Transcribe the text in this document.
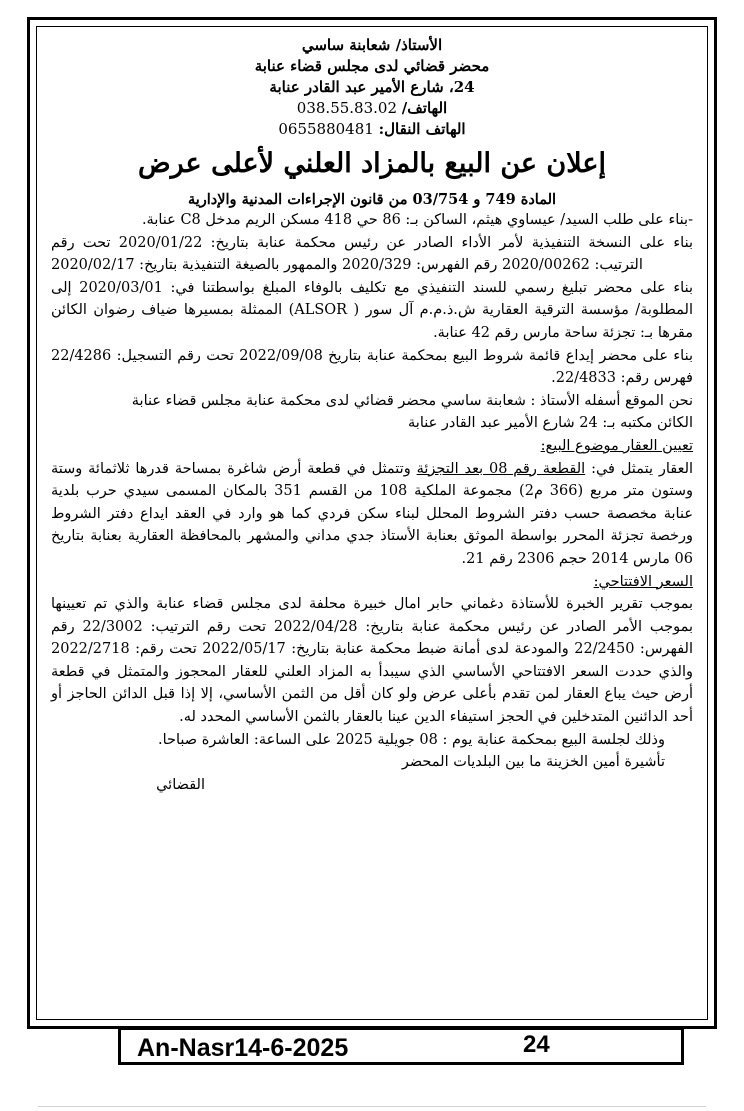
الأستاذ/ شعابنة ساسي
محضر قضائي لدى مجلس قضاء عنابة
24، شارع الأمير عبد القادر عنابة
الهاتف/ 038.55.83.02
الهاتف النقال: 0655880481
إعلان عن البيع بالمزاد العلني لأعلى عرض
المادة 749 و 03/754 من قانون الإجراءات المدنية والإدارية

-بناء على طلب السيد/ عيساوي هيثم، الساكن بـ: 86 حي 418 مسكن الريم مدخل C8 عنابة.

بناء على النسخة التنفيذية لأمر الأداء الصادر عن رئيس محكمة عنابة بتاريخ: 2020/01/22 تحت رقم الترتيب: 2020/00262 رقم الفهرس: 2020/329 والممهور بالصيغة التنفيذية بتاريخ: 2020/02/17

بناء على محضر تبليغ رسمي للسند التنفيذي مع تكليف بالوفاء المبلغ بواسطتنا في: 2020/03/01 إلى المطلوبة/ مؤسسة الترقية العقارية ش.ذ.م.م آل سور ( ALSOR) الممثلة بمسيرها ضياف رضوان الكائن مقرها بـ: تجزئة ساحة مارس رقم 42 عنابة.

بناء على محضر إيداع قائمة شروط البيع بمحكمة عنابة بتاريخ 2022/09/08 تحت رقم التسجيل: 22/4286 فهرس رقم: 22/4833.

نحن الموقع أسفله الأستاذ : شعابنة ساسي محضر قضائي لدى محكمة عنابة مجلس قضاء عنابة

الكائن مكتبه بـ: 24 شارع الأمير عبد القادر عنابة

تعيين العقار موضوع البيع:

العقار يتمثل في: القطعة رقم 08 بعد التجزئة وتتمثل في قطعة أرض شاغرة بمساحة قدرها ثلاثمائة وستة وستون متر مربع (366 م2) مجموعة الملكية 108 من القسم 351 بالمكان المسمى سيدي حرب بلدية عنابة مخصصة حسب دفتر الشروط المحلل لبناء سكن فردي كما هو وارد في العقد ايداع دفتر الشروط ورخصة تجزئة المحرر بواسطة الموثق بعنابة الأستاذ جدي مداني والمشهر بالمحافظة العقارية بعنابة بتاريخ 06 مارس 2014 حجم 2306 رقم 21.

السعر الافتتاحي:

بموجب تقرير الخبرة للأستاذة دغماني حابر امال خبيرة محلفة لدى مجلس قضاء عنابة والذي تم تعيينها بموجب الأمر الصادر عن رئيس محكمة عنابة بتاريخ: 2022/04/28 تحت رقم الترتيب: 22/3002 رقم الفهرس: 22/2450 والمودعة لدى أمانة ضبط محكمة عنابة بتاريخ: 2022/05/17 تحت رقم: 2022/2718 والذي حددت السعر الافتتاحي الأساسي الذي سيبدأ به المزاد العلني للعقار المحجوز والمتمثل في قطعة أرض حيث يباع العقار لمن تقدم بأعلى عرض ولو كان أقل من الثمن الأساسي، إلا إذا قبل الدائن الحاجز أو أحد الدائنين المتدخلين في الحجز استيفاء الدين عينا بالعقار بالثمن الأساسي المحدد له.

وذلك لجلسة البيع بمحكمة عنابة يوم : 08 جويلية 2025 على الساعة: العاشرة صباحا.

تأشيرة أمين الخزينة ما بين البلديات المحضر

القضائي

An-Nasr14-6-2025	24
